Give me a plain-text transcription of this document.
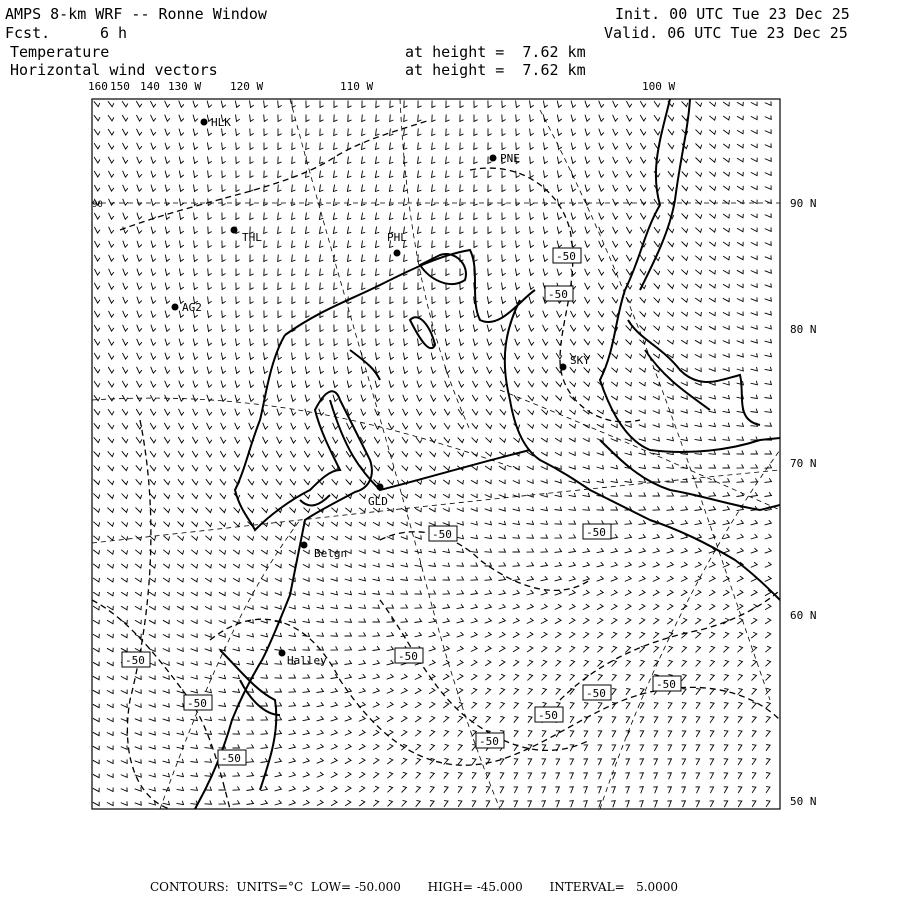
AMPS 8-km WRF -- Ronne Window
Fcst.	6 h
Init. 00 UTC Tue 23 Dec 25
Valid. 06 UTC Tue 23 Dec 25
Temperature
Horizontal wind vectors
at height =  7.62 km
at height =  7.62 km
160 150 140 130 W	120 W	110 W	100 W
90	90 N
80 N
70 N
60 N
50 N
HLK
PNE
THL	PHL
AG2
SKY
GLD
Belgn
Halley
-50
-50
-50	-50
-50	-50
-50
-50
-50
-50
-50
-50
CONTOURS:  UNITS=°C  LOW= -50.000       HIGH= -45.000       INTERVAL=   5.0000
